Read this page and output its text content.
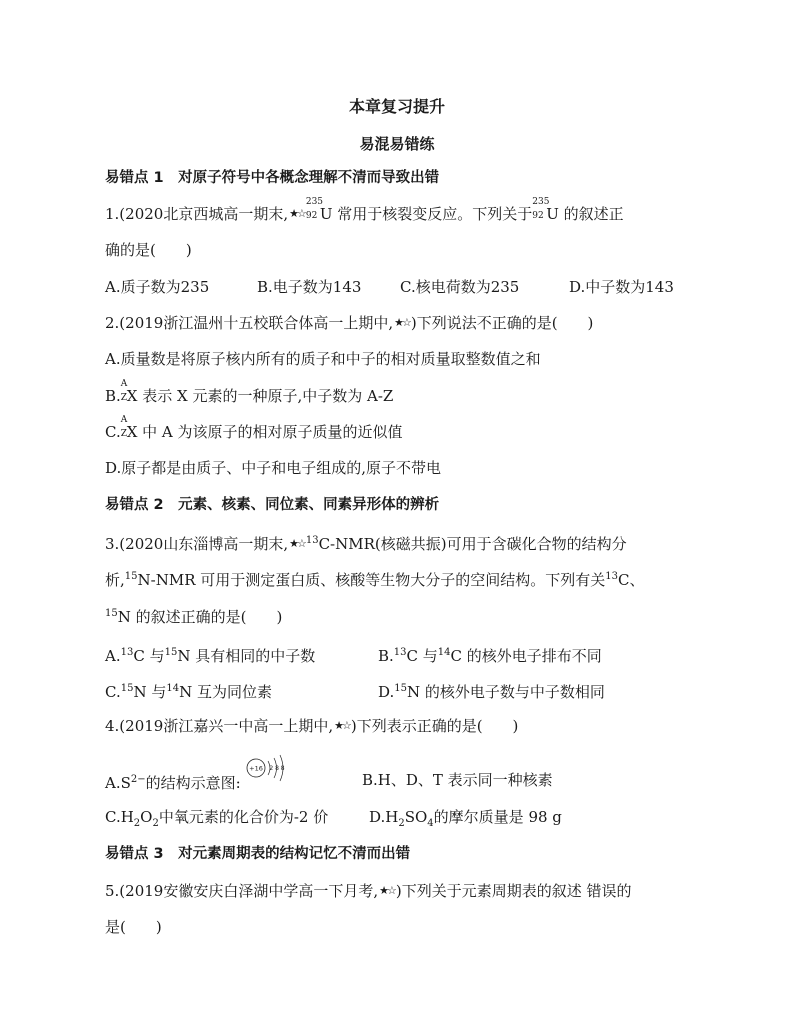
本章复习提升
易混易错练
易错点 1　对原子符号中各概念理解不清而导致出错
1.(2020北京西城高一期末,★☆
235
92 U 常用于核裂变反应。下列关于
235
92 U 的叙述正
确的是(　　)
A.质子数为235	B.电子数为143	C.核电荷数为235	D.中子数为143
2.(2019浙江温州十五校联合体高一上期中,★☆)下列说法不正确的是(　　)
A.质量数是将原子核内所有的质子和中子的相对质量取整数值之和
B.
A
Z X 表示 X 元素的一种原子,中子数为 A-Z
C.
A
Z X 中 A 为该原子的相对原子质量的近似值
D.原子都是由质子、中子和电子组成的,原子不带电
易错点 2　元素、核素、同位素、同素异形体的辨析
3.(2020山东淄博高一期末,★☆$^{13}$C-NMR(核磁共振)可用于含碳化合物的结构分
析,$^{15}$N-NMR 可用于测定蛋白质、核酸等生物大分子的空间结构。下列有关$^{13}$C、
$^{15}$N 的叙述正确的是(　　)
A.$^{13}$C 与$^{15}$N 具有相同的中子数	B.$^{13}$C 与$^{14}$C 的核外电子排布不同
C.$^{15}$N 与$^{14}$N 互为同位素	D.$^{15}$N 的核外电子数与中子数相同
4.(2019浙江嘉兴一中高一上期中,★☆)下列表示正确的是(　　)
$A.S^{2-}$的结构示意图:
+16 2 8 8
B.H、D、T 表示同一种核素
$C.H_2O_2$中氧元素的化合价为-2 价	$D.H_2SO_4$的摩尔质量是 98 g
易错点 3　对元素周期表的结构记忆不清而出错
5.(2019安徽安庆白泽湖中学高一下月考,★☆)下列关于元素周期表的叙述 错误的
是(　　)
